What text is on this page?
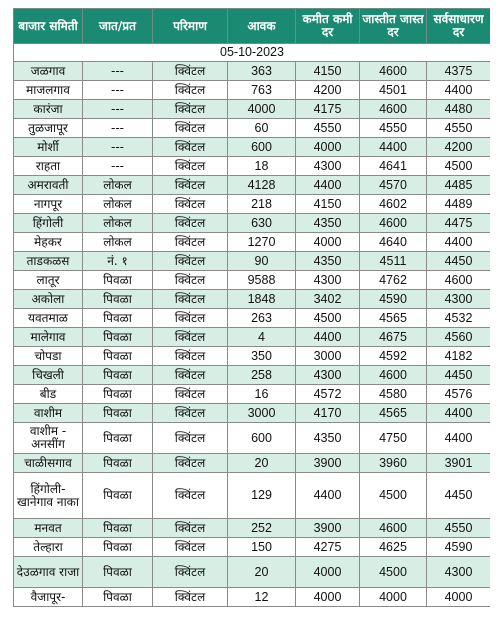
बाजार समिती	जात/प्रत	परिमाण	आवक	कमीत कमी दर	जास्तीत जास्त दर	सर्वसाधारण दर
05-10-2023						
जळगाव	---	क्विंटल	363	4150	4600	4375
माजलगाव	---	क्विंटल	763	4200	4501	4400
कारंजा	---	क्विंटल	4000	4175	4600	4480
तुळजापूर	---	क्विंटल	60	4550	4550	4550
मोर्शी	---	क्विंटल	600	4000	4400	4200
राहता	---	क्विंटल	18	4300	4641	4500
अमरावती	लोकल	क्विंटल	4128	4400	4570	4485
नागपूर	लोकल	क्विंटल	218	4150	4602	4489
हिंगोली	लोकल	क्विंटल	630	4350	4600	4475
मेहकर	लोकल	क्विंटल	1270	4000	4640	4400
ताडकळस	नं. १	क्विंटल	90	4350	4511	4450
लातूर	पिवळा	क्विंटल	9588	4300	4762	4600
अकोला	पिवळा	क्विंटल	1848	3402	4590	4300
यवतमाळ	पिवळा	क्विंटल	263	4500	4565	4532
मालेगाव	पिवळा	क्विंटल	4	4400	4675	4560
चोपडा	पिवळा	क्विंटल	350	3000	4592	4182
चिखली	पिवळा	क्विंटल	258	4300	4600	4450
बीड	पिवळा	क्विंटल	16	4572	4580	4576
वाशीम	पिवळा	क्विंटल	3000	4170	4565	4400
वाशीम - अनसींग	पिवळा	क्विंटल	600	4350	4750	4400
चाळीसगाव	पिवळा	क्विंटल	20	3900	3960	3901
हिंगोली- खानेगाव नाका	पिवळा	क्विंटल	129	4400	4500	4450
मनवत	पिवळा	क्विंटल	252	3900	4600	4550
तेल्हारा	पिवळा	क्विंटल	150	4275	4625	4590
देउळगाव राजा	पिवळा	क्विंटल	20	4000	4500	4300
वैजापूर-	पिवळा	क्विंटल	12	4000	4000	4000
